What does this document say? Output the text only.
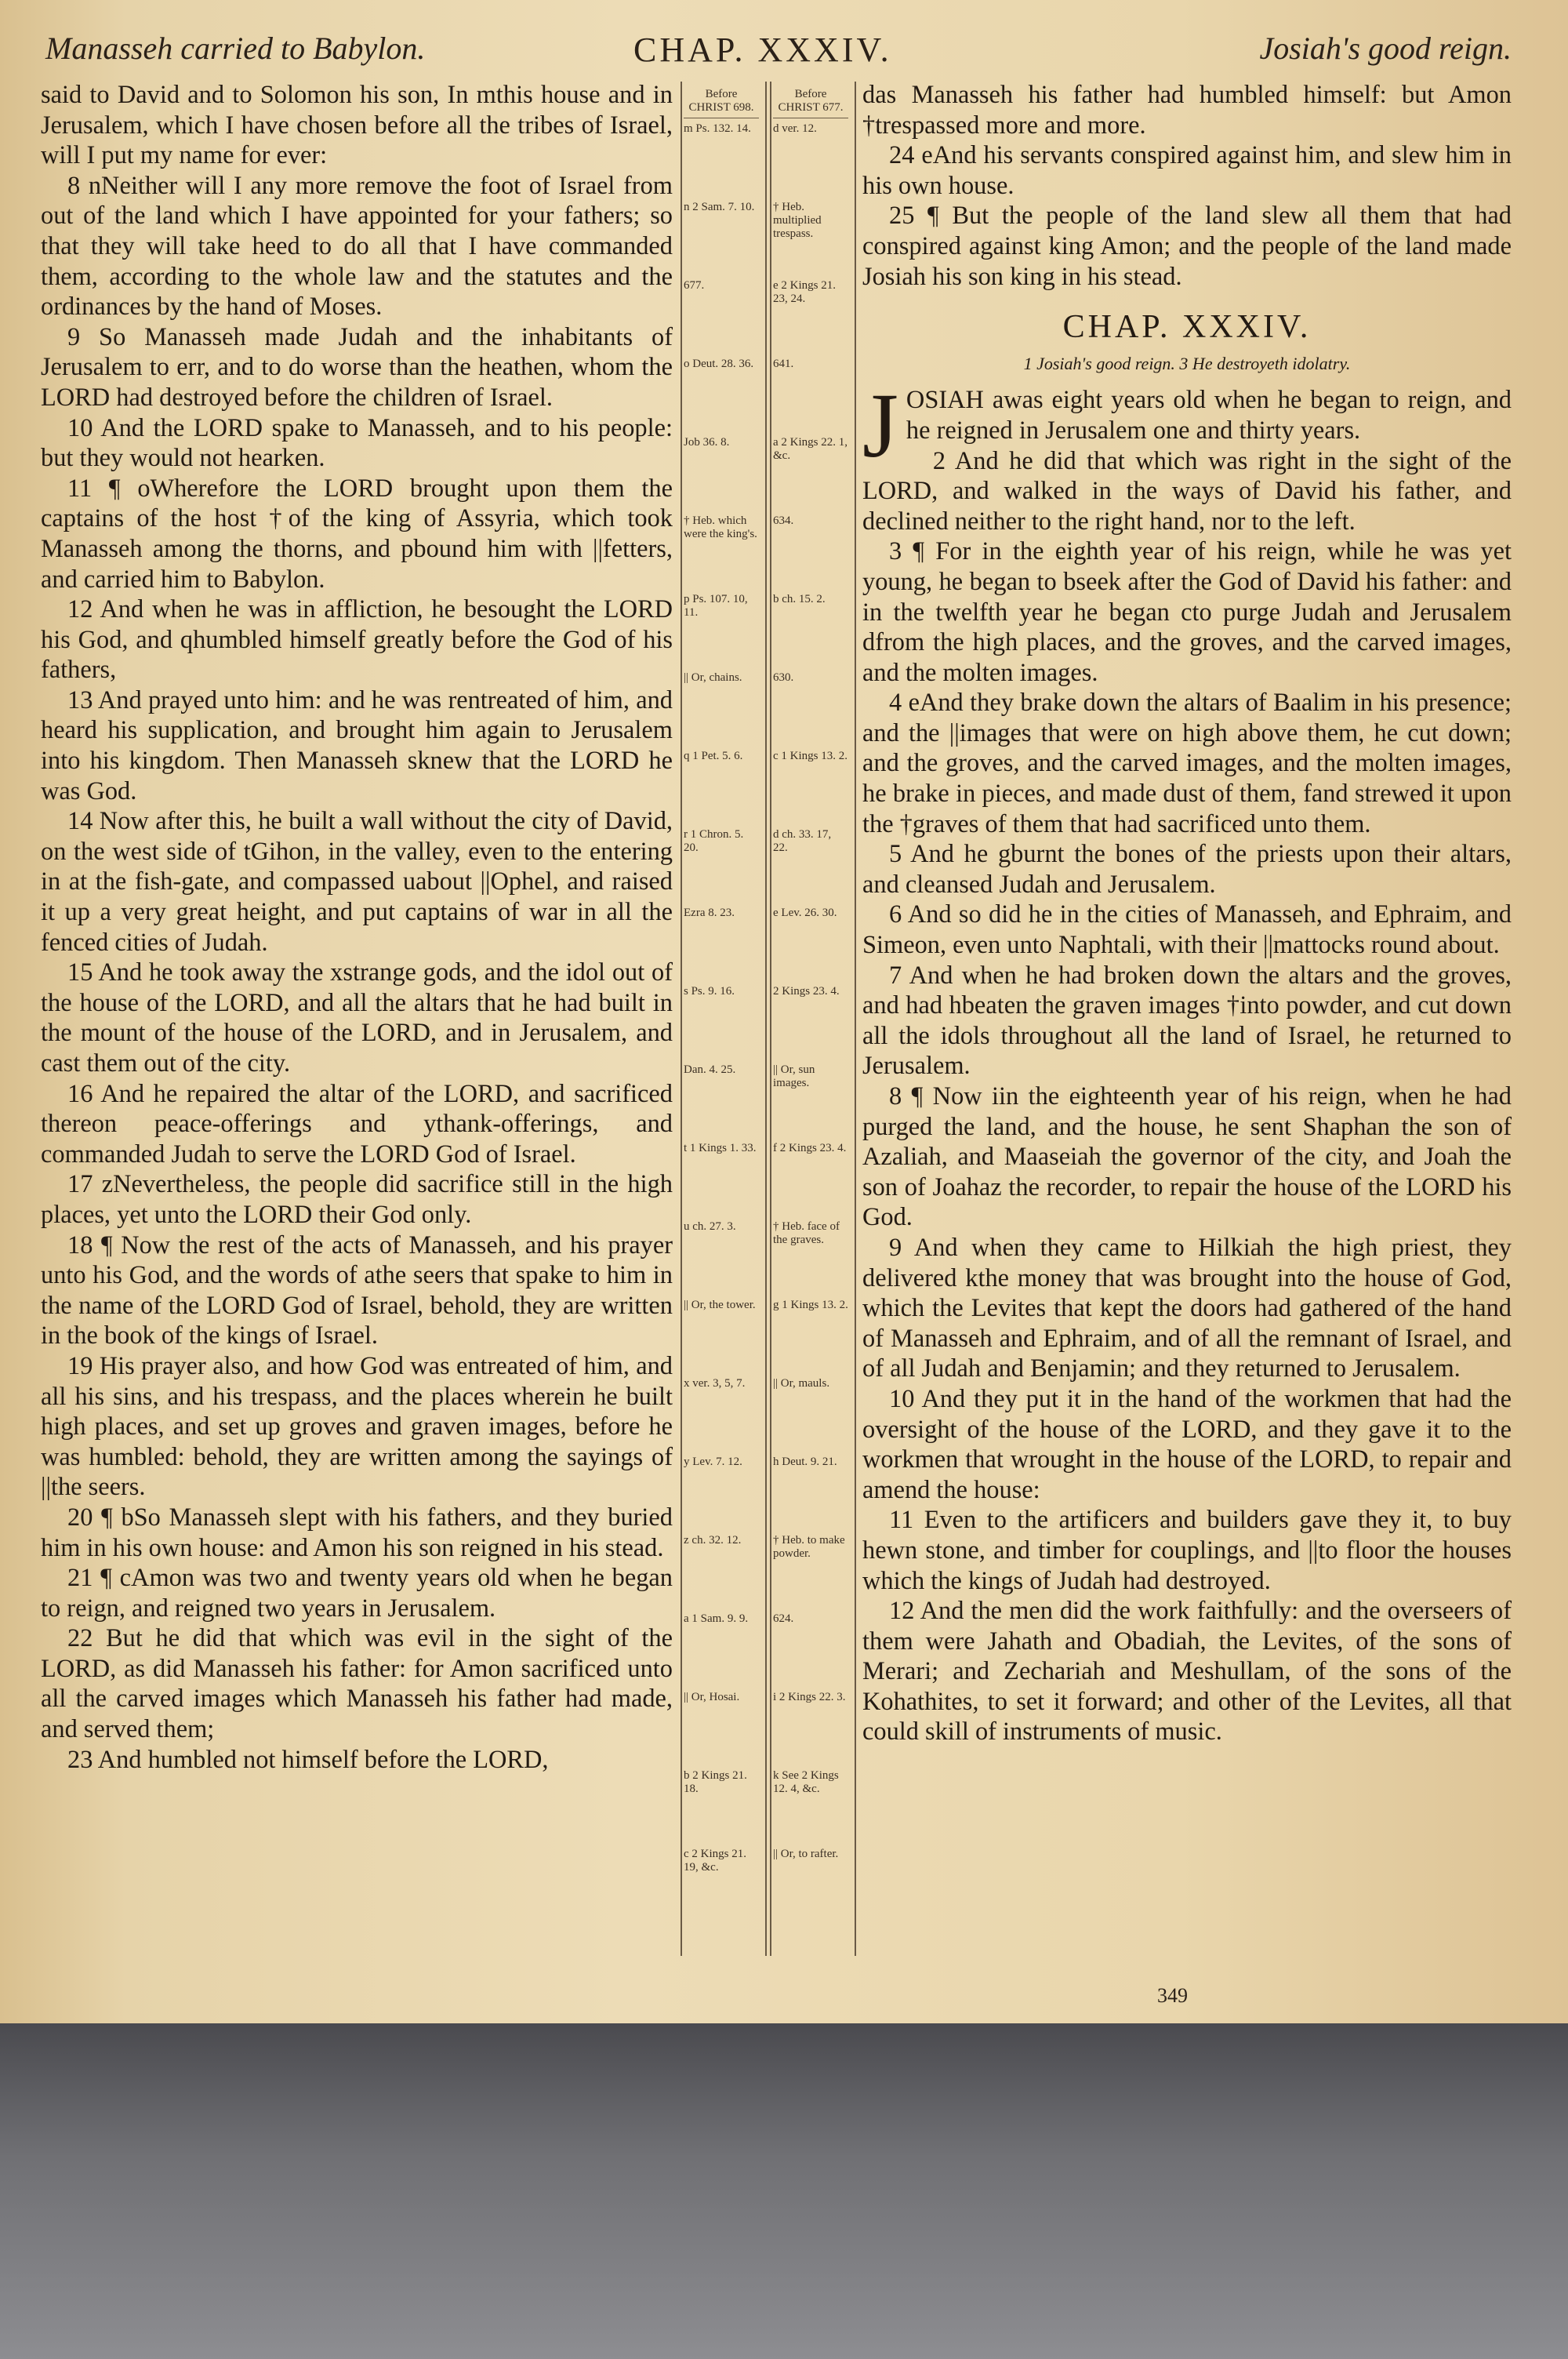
Manasseh carried to Babylon.	CHAP. XXXIV.	Josiah's good reign.

said to David and to Solomon his son, In mthis house and in Jerusalem, which I have chosen before all the tribes of Israel, will I put my name for ever:

8 nNeither will I any more remove the foot of Israel from out of the land which I have appointed for your fathers; so that they will take heed to do all that I have commanded them, according to the whole law and the statutes and the ordinances by the hand of Moses.

9 So Manasseh made Judah and the inhabitants of Jerusalem to err, and to do worse than the heathen, whom the LORD had destroyed before the children of Israel.

10 And the LORD spake to Manasseh, and to his people: but they would not hearken.

11 ¶ oWherefore the LORD brought upon them the captains of the host †of the king of Assyria, which took Manasseh among the thorns, and pbound him with ||fetters, and carried him to Babylon.

12 And when he was in affliction, he besought the LORD his God, and qhumbled himself greatly before the God of his fathers,

13 And prayed unto him: and he was rentreated of him, and heard his supplication, and brought him again to Jerusalem into his kingdom. Then Manasseh sknew that the LORD he was God.

14 Now after this, he built a wall without the city of David, on the west side of tGihon, in the valley, even to the entering in at the fish-gate, and compassed uabout ||Ophel, and raised it up a very great height, and put captains of war in all the fenced cities of Judah.

15 And he took away the xstrange gods, and the idol out of the house of the LORD, and all the altars that he had built in the mount of the house of the LORD, and in Jerusalem, and cast them out of the city.

16 And he repaired the altar of the LORD, and sacrificed thereon peace-offerings and ythank-offerings, and commanded Judah to serve the LORD God of Israel.

17 zNevertheless, the people did sacrifice still in the high places, yet unto the LORD their God only.

18 ¶ Now the rest of the acts of Manasseh, and his prayer unto his God, and the words of athe seers that spake to him in the name of the LORD God of Israel, behold, they are written in the book of the kings of Israel.

19 His prayer also, and how God was entreated of him, and all his sins, and his trespass, and the places wherein he built high places, and set up groves and graven images, before he was humbled: behold, they are written among the sayings of ||the seers.

20 ¶ bSo Manasseh slept with his fathers, and they buried him in his own house: and Amon his son reigned in his stead.

21 ¶ cAmon was two and twenty years old when he began to reign, and reigned two years in Jerusalem.

22 But he did that which was evil in the sight of the LORD, as did Manasseh his father: for Amon sacrificed unto all the carved images which Manasseh his father had made, and served them;

23 And humbled not himself before the LORD,

Before CHRIST 698.
m Ps. 132. 14.
n 2 Sam. 7. 10.
677.
o Deut. 28. 36.
Job 36. 8.
† Heb. which were the king's.
p Ps. 107. 10, 11.
|| Or, chains.
q 1 Pet. 5. 6.
r 1 Chron. 5. 20.
Ezra 8. 23.
s Ps. 9. 16.
Dan. 4. 25.
t 1 Kings 1. 33.
u ch. 27. 3.
|| Or, the tower.
x ver. 3, 5, 7.
y Lev. 7. 12.
z ch. 32. 12.
a 1 Sam. 9. 9.
|| Or, Hosai.
b 2 Kings 21. 18.
c 2 Kings 21. 19, &c.
Before CHRIST 677.
d ver. 12.
† Heb. multiplied trespass.
e 2 Kings 21. 23, 24.
641.
a 2 Kings 22. 1, &c.
634.
b ch. 15. 2.
630.
c 1 Kings 13. 2.
d ch. 33. 17, 22.
e Lev. 26. 30.
2 Kings 23. 4.
|| Or, sun images.
f 2 Kings 23. 4.
† Heb. face of the graves.
g 1 Kings 13. 2.
|| Or, mauls.
h Deut. 9. 21.
† Heb. to make powder.
624.
i 2 Kings 22. 3.
k See 2 Kings 12. 4, &c.
|| Or, to rafter.

das Manasseh his father had humbled himself: but Amon †trespassed more and more.

24 eAnd his servants conspired against him, and slew him in his own house.

25 ¶ But the people of the land slew all them that had conspired against king Amon; and the people of the land made Josiah his son king in his stead.

CHAP. XXXIV.
1 Josiah's good reign. 3 He destroyeth idolatry.

JOSIAH awas eight years old when he began to reign, and he reigned in Jerusalem one and thirty years.

2 And he did that which was right in the sight of the LORD, and walked in the ways of David his father, and declined neither to the right hand, nor to the left.

3 ¶ For in the eighth year of his reign, while he was yet young, he began to bseek after the God of David his father: and in the twelfth year he began cto purge Judah and Jerusalem dfrom the high places, and the groves, and the carved images, and the molten images.

4 eAnd they brake down the altars of Baalim in his presence; and the ||images that were on high above them, he cut down; and the groves, and the carved images, and the molten images, he brake in pieces, and made dust of them, fand strewed it upon the †graves of them that had sacrificed unto them.

5 And he gburnt the bones of the priests upon their altars, and cleansed Judah and Jerusalem.

6 And so did he in the cities of Manasseh, and Ephraim, and Simeon, even unto Naphtali, with their ||mattocks round about.

7 And when he had broken down the altars and the groves, and had hbeaten the graven images †into powder, and cut down all the idols throughout all the land of Israel, he returned to Jerusalem.

8 ¶ Now iin the eighteenth year of his reign, when he had purged the land, and the house, he sent Shaphan the son of Azaliah, and Maaseiah the governor of the city, and Joah the son of Joahaz the recorder, to repair the house of the LORD his God.

9 And when they came to Hilkiah the high priest, they delivered kthe money that was brought into the house of God, which the Levites that kept the doors had gathered of the hand of Manasseh and Ephraim, and of all the remnant of Israel, and of all Judah and Benjamin; and they returned to Jerusalem.

10 And they put it in the hand of the workmen that had the oversight of the house of the LORD, and they gave it to the workmen that wrought in the house of the LORD, to repair and amend the house:

11 Even to the artificers and builders gave they it, to buy hewn stone, and timber for couplings, and ||to floor the houses which the kings of Judah had destroyed.

12 And the men did the work faithfully: and the overseers of them were Jahath and Obadiah, the Levites, of the sons of Merari; and Zechariah and Meshullam, of the sons of the Kohathites, to set it forward; and other of the Levites, all that could skill of instruments of music.

349
